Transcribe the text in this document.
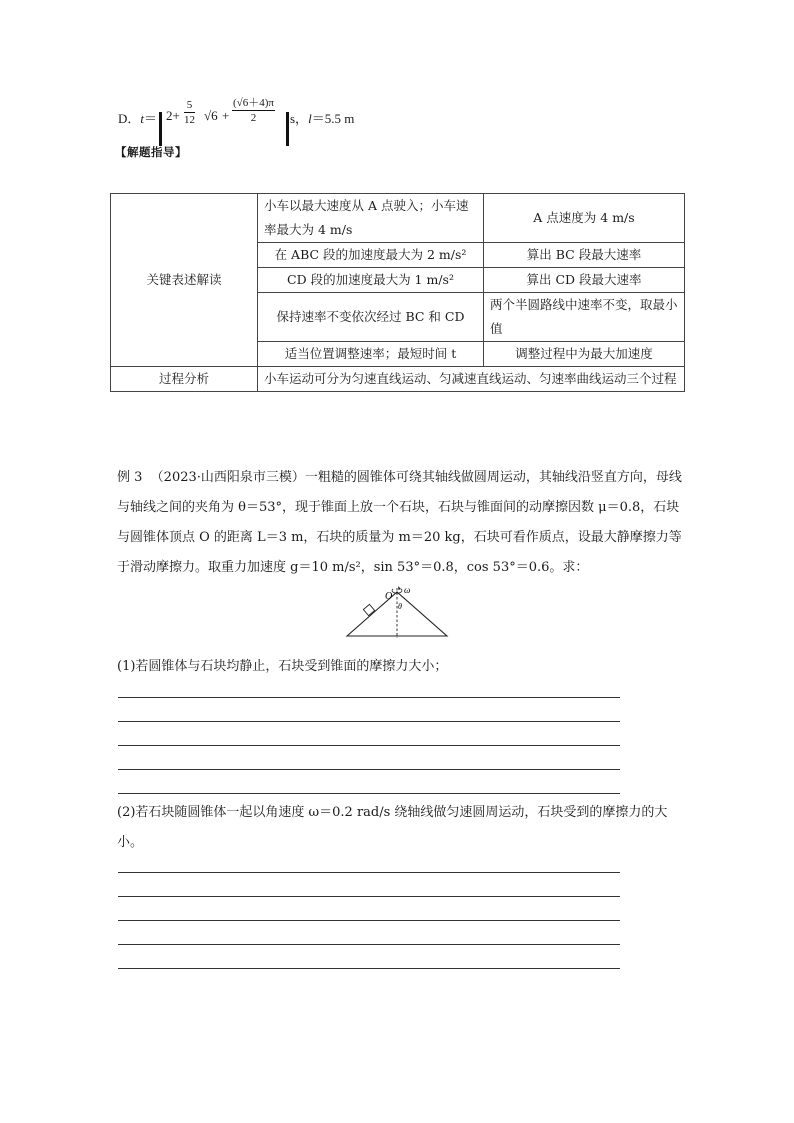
D．$t= 2+ \frac{5}{12} √6 + \frac{(√6+4)\pi}{2}$ s，l＝5.5 m
【解题指导】
关键表述解读	小车以最大速度从 A 点驶入；小车速率最大为 4 m/s	A 点速度为 4 m/s
	在 ABC 段的加速度最大为 2 m/s²	算出 BC 段最大速率
	CD 段的加速度最大为 1 m/s²	算出 CD 段最大速率
	保持速率不变依次经过 BC 和 CD	两个半圆路线中速率不变，取最小值
	适当位置调整速率；最短时间 t	调整过程中为最大加速度
过程分析	小车运动可分为匀速直线运动、匀减速直线运动、匀速率曲线运动三个过程	
例 3 （2023·山西阳泉市三模）一粗糙的圆锥体可绕其轴线做圆周运动，其轴线沿竖直方向，母线与轴线之间的夹角为 θ＝53°，现于锥面上放一个石块，石块与锥面间的动摩擦因数 μ＝0.8，石块与圆锥体顶点 O 的距离 L＝3 m，石块的质量为 m＝20 kg，石块可看作质点，设最大静摩擦力等于滑动摩擦力。取重力加速度 g＝10 m/s²，sin 53°＝0.8，cos 53°＝0.6。求：
O
ω
θ
(1)若圆锥体与石块均静止，石块受到锥面的摩擦力大小；
(2)若石块随圆锥体一起以角速度 ω＝0.2 rad/s 绕轴线做匀速圆周运动，石块受到的摩擦力的大小。
